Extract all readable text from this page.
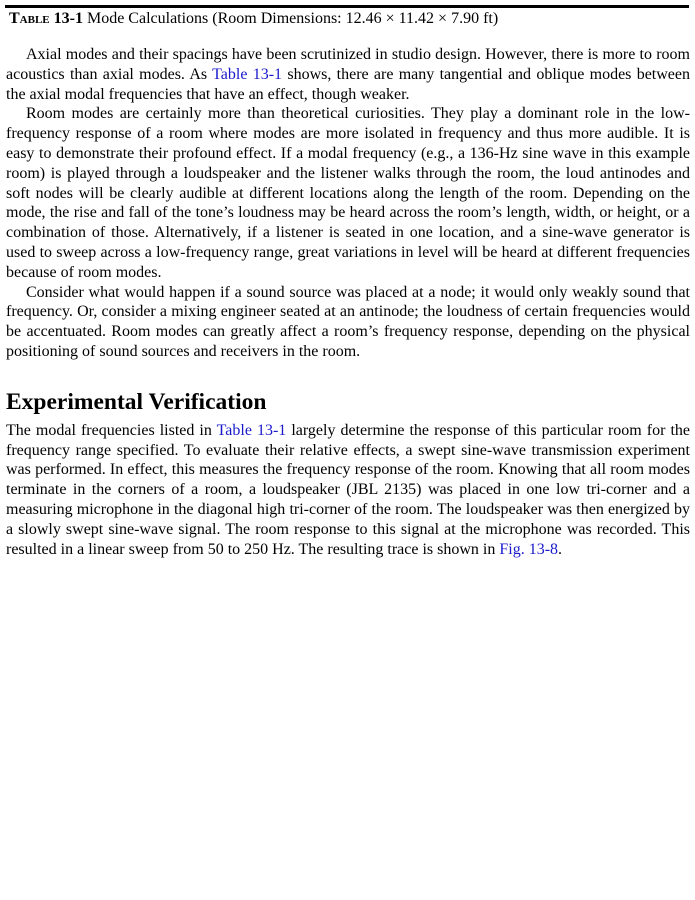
Table 13-1 Mode Calculations (Room Dimensions: 12.46 × 11.42 × 7.90 ft)

Axial modes and their spacings have been scrutinized in studio design. However, there is more to room acoustics than axial modes. As Table 13-1 shows, there are many tangential and oblique modes between the axial modal frequencies that have an effect, though weaker.

Room modes are certainly more than theoretical curiosities. They play a dominant role in the low-frequency response of a room where modes are more isolated in frequency and thus more audible. It is easy to demonstrate their profound effect. If a modal frequency (e.g., a 136-Hz sine wave in this example room) is played through a loudspeaker and the listener walks through the room, the loud antinodes and soft nodes will be clearly audible at different locations along the length of the room. Depending on the mode, the rise and fall of the tone’s loudness may be heard across the room’s length, width, or height, or a combination of those. Alternatively, if a listener is seated in one location, and a sine-wave generator is used to sweep across a low-frequency range, great variations in level will be heard at different frequencies because of room modes.

Consider what would happen if a sound source was placed at a node; it would only weakly sound that frequency. Or, consider a mixing engineer seated at an antinode; the loudness of certain frequencies would be accentuated. Room modes can greatly affect a room’s frequency response, depending on the physical positioning of sound sources and receivers in the room.

Experimental Verification

The modal frequencies listed in Table 13-1 largely determine the response of this particular room for the frequency range specified. To evaluate their relative effects, a swept sine-wave transmission experiment was performed. In effect, this measures the frequency response of the room. Knowing that all room modes terminate in the corners of a room, a loudspeaker (JBL 2135) was placed in one low tri-corner and a measuring microphone in the diagonal high tri-corner of the room. The loudspeaker was then energized by a slowly swept sine-wave signal. The room response to this signal at the microphone was recorded. This resulted in a linear sweep from 50 to 250 Hz. The resulting trace is shown in Fig. 13-8.
